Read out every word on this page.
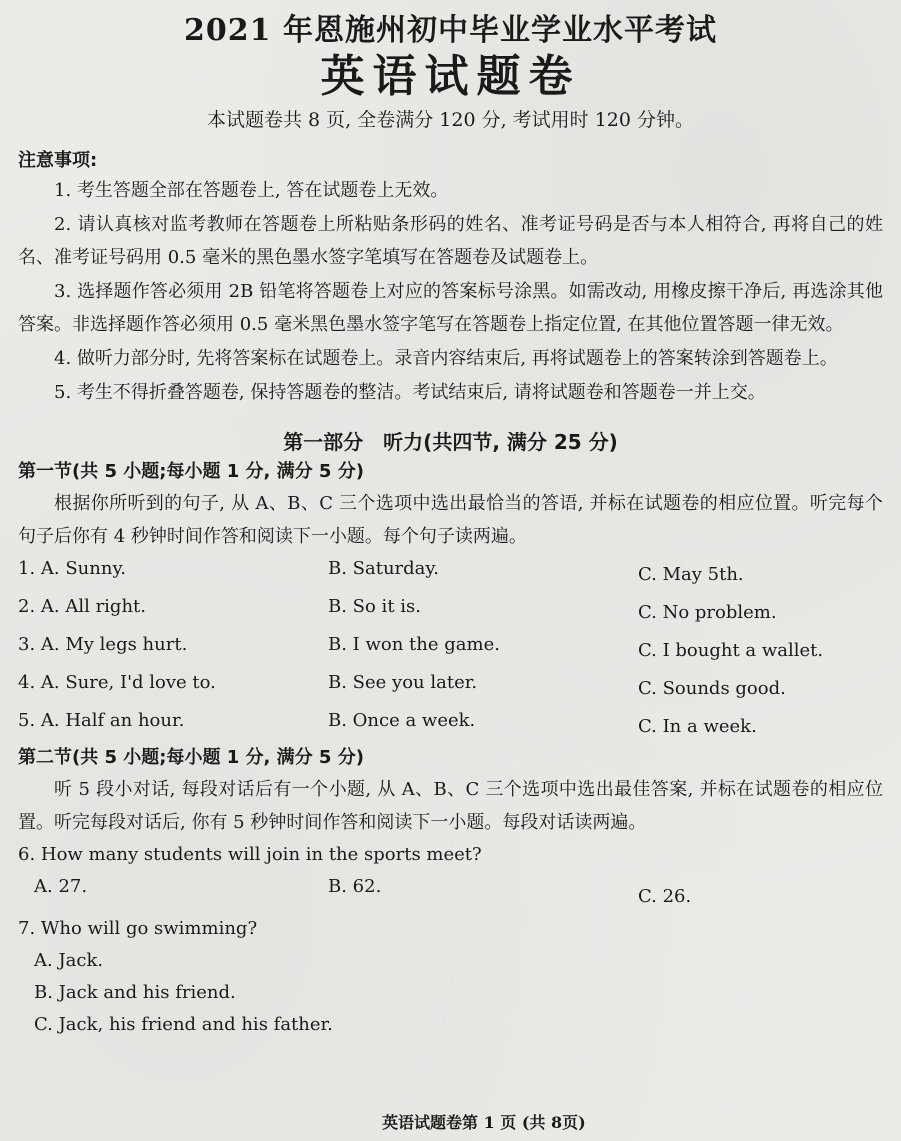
2021 年恩施州初中毕业学业水平考试
英语试题卷
本试题卷共 8 页, 全卷满分 120 分, 考试用时 120 分钟。
注意事项:

1. 考生答题全部在答题卷上, 答在试题卷上无效。

2. 请认真核对监考教师在答题卷上所粘贴条形码的姓名、准考证号码是否与本人相符合, 再将自己的姓名、准考证号码用 0.5 毫米的黑色墨水签字笔填写在答题卷及试题卷上。

3. 选择题作答必须用 2B 铅笔将答题卷上对应的答案标号涂黑。如需改动, 用橡皮擦干净后, 再选涂其他答案。非选择题作答必须用 0.5 毫米黑色墨水签字笔写在答题卷上指定位置, 在其他位置答题一律无效。

4. 做听力部分时, 先将答案标在试题卷上。录音内容结束后, 再将试题卷上的答案转涂到答题卷上。

5. 考生不得折叠答题卷, 保持答题卷的整洁。考试结束后, 请将试题卷和答题卷一并上交。

第一部分　听力(共四节, 满分 25 分)
第一节(共 5 小题;每小题 1 分, 满分 5 分)

根据你所听到的句子, 从 A、B、C 三个选项中选出最恰当的答语, 并标在试题卷的相应位置。听完每个句子后你有 4 秒钟时间作答和阅读下一小题。每个句子读两遍。

1. A. Sunny.	B. Saturday.	C. May 5th.
2. A. All right.	B. So it is.	C. No problem.
3. A. My legs hurt.	B. I won the game.	C. I bought a wallet.
4. A. Sure, I'd love to.	B. See you later.	C. Sounds good.
5. A. Half an hour.	B. Once a week.	C. In a week.
第二节(共 5 小题;每小题 1 分, 满分 5 分)

听 5 段小对话, 每段对话后有一个小题, 从 A、B、C 三个选项中选出最佳答案, 并标在试题卷的相应位置。听完每段对话后, 你有 5 秒钟时间作答和阅读下一小题。每段对话读两遍。

6. How many students will join in the sports meet?

A. 27.	B. 62.	C. 26.

7. Who will go swimming?

A. Jack.
B. Jack and his friend.
C. Jack, his friend and his father.
英语试题卷第 1 页 (共 8页)
